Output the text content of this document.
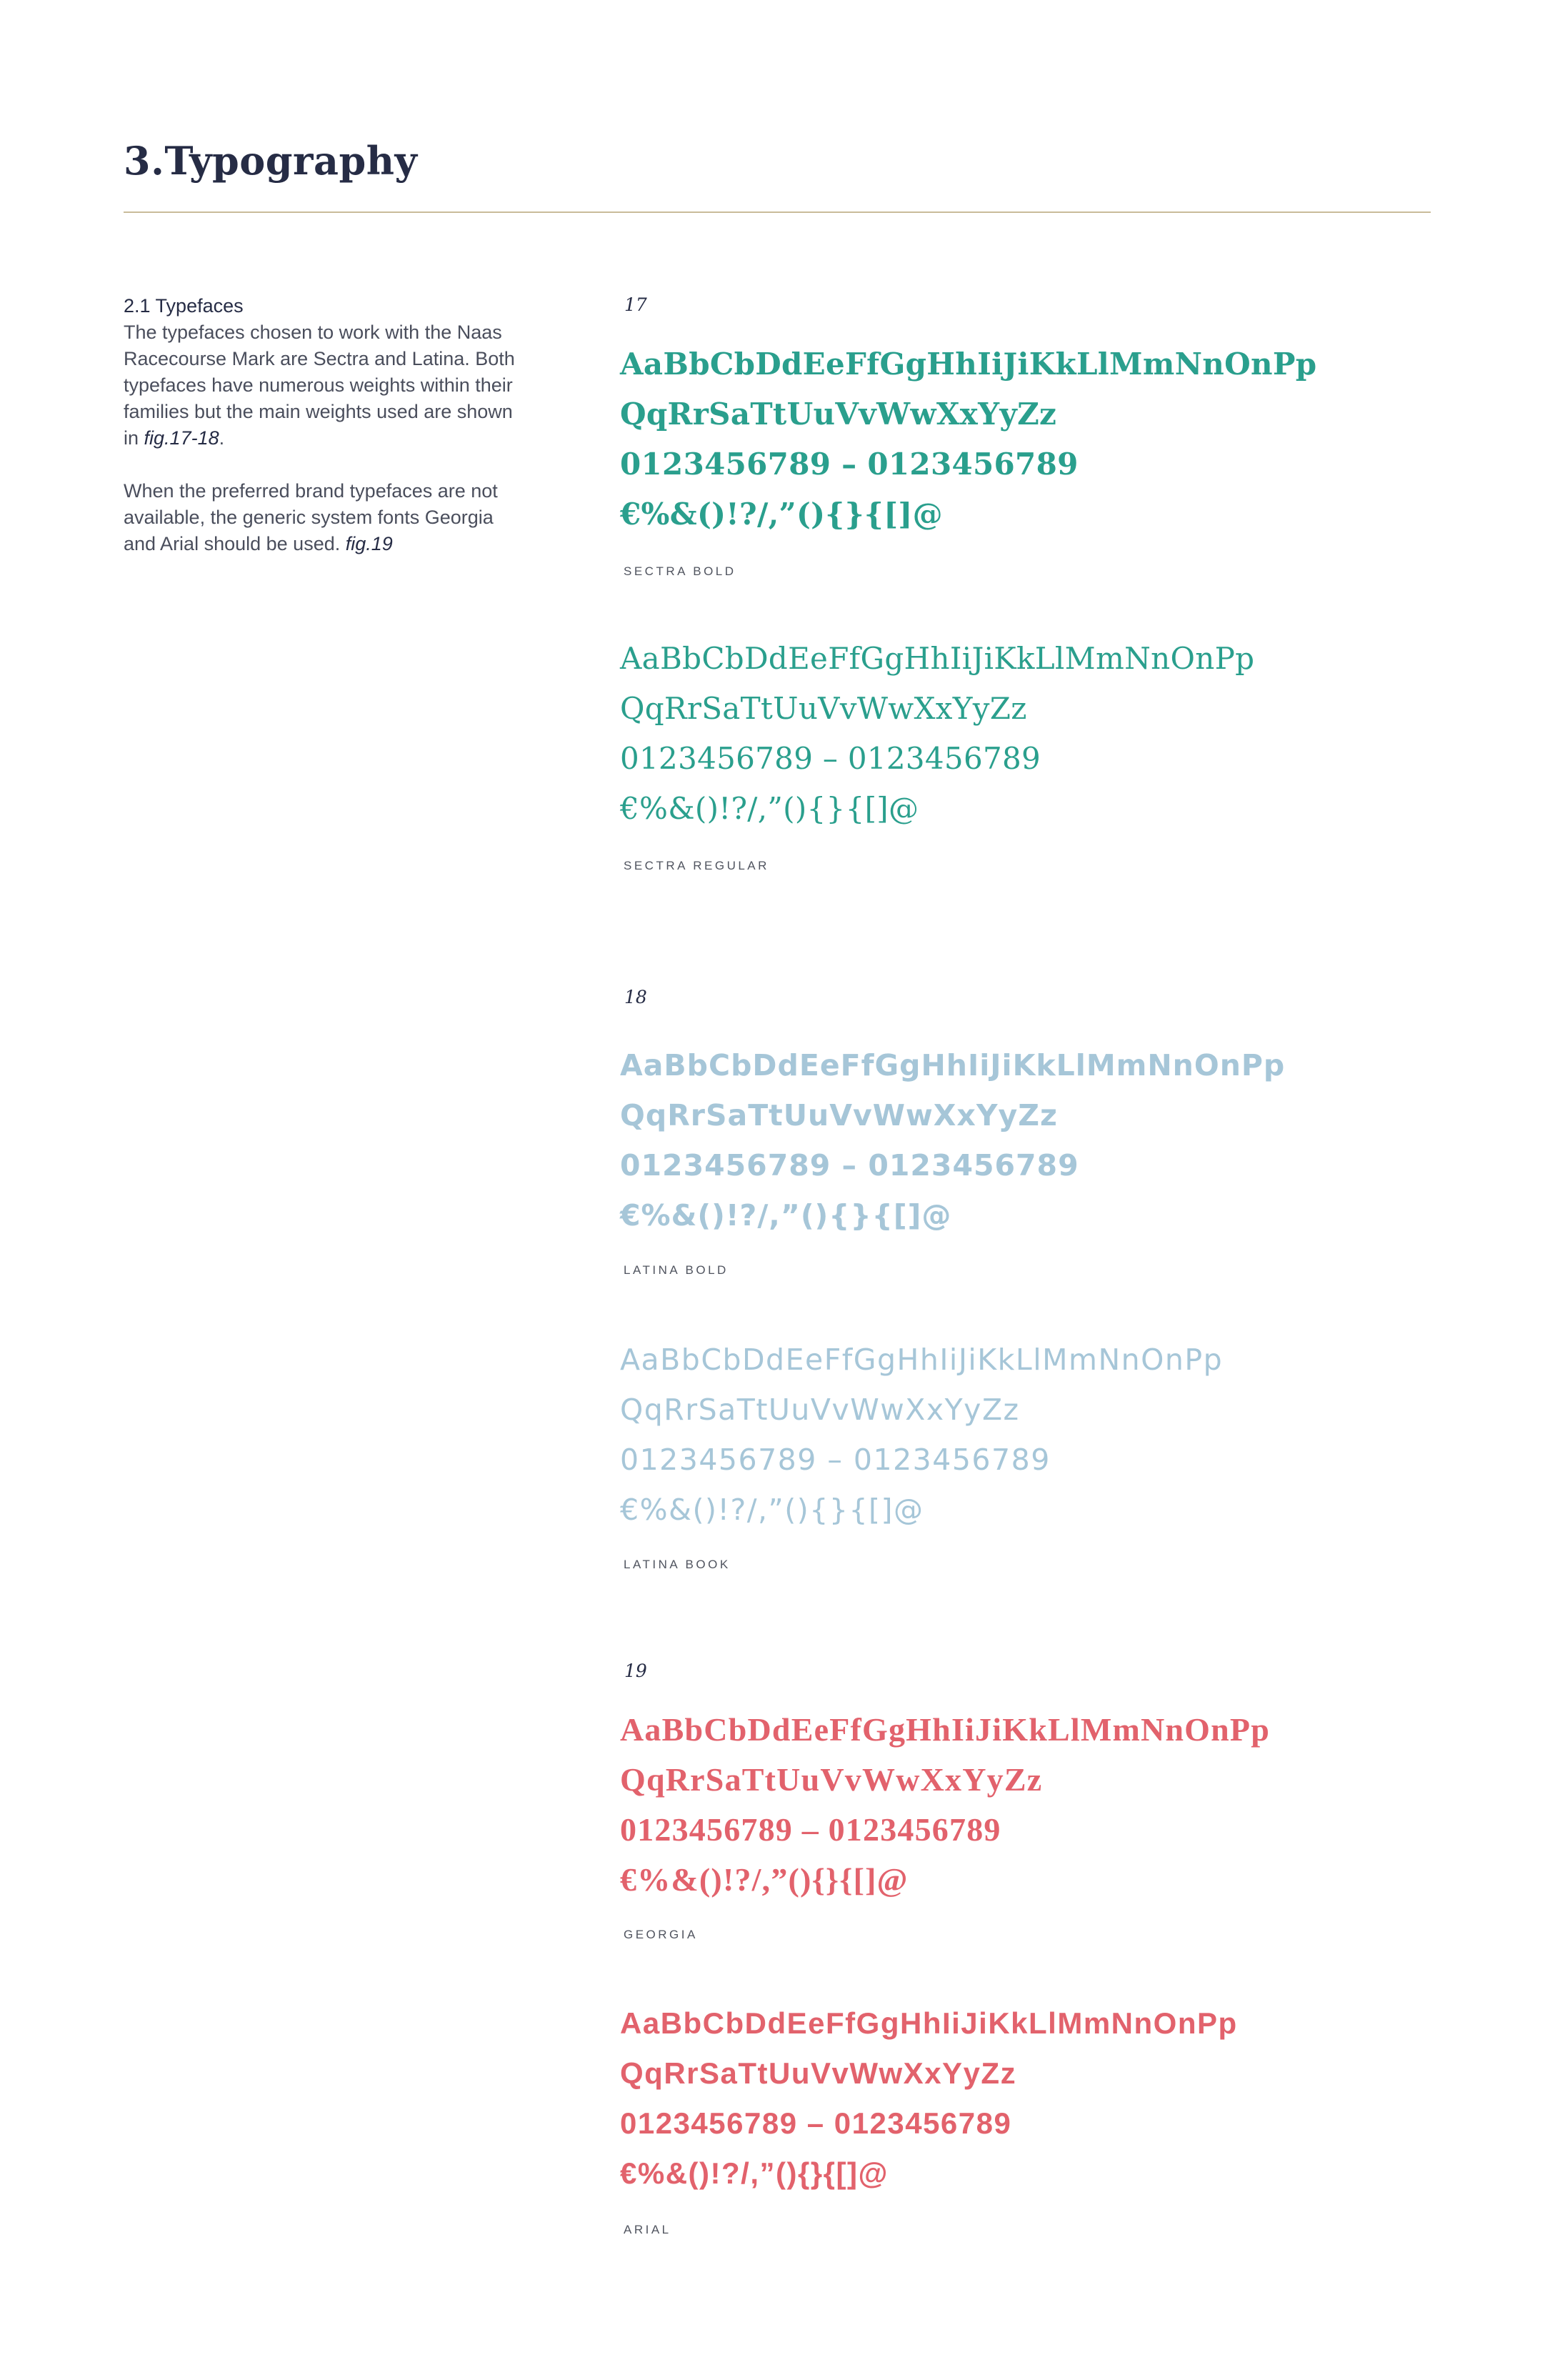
3.Typography
2.1 Typefaces

The typefaces chosen to work with the Naas Racecourse Mark are Sectra and Latina. Both typefaces have numerous weights within their families but the main weights used are shown in fig.17-18.

When the preferred brand typefaces are not available, the generic system fonts Georgia and Arial should be used. fig.19

17
AaBbCbDdEeFfGgHhIiJiKkLlMmNnOnPp
QqRrSaTtUuVvWwXxYyZz
0123456789 – 0123456789
€%&()!?/,”(){}{[]@
SECTRA BOLD
AaBbCbDdEeFfGgHhIiJiKkLlMmNnOnPp
QqRrSaTtUuVvWwXxYyZz
0123456789 – 0123456789
€%&()!?/,”(){}{[]@
SECTRA REGULAR
18
AaBbCbDdEeFfGgHhIiJiKkLlMmNnOnPp
QqRrSaTtUuVvWwXxYyZz
0123456789 – 0123456789
€%&()!?/,”(){}{[]@
LATINA BOLD
AaBbCbDdEeFfGgHhIiJiKkLlMmNnOnPp
QqRrSaTtUuVvWwXxYyZz
0123456789 – 0123456789
€%&()!?/,”(){}{[]@
LATINA BOOK
19
AaBbCbDdEeFfGgHhIiJiKkLlMmNnOnPp
QqRrSaTtUuVvWwXxYyZz
0123456789 – 0123456789
€%&()!?/,”(){}{[]@
GEORGIA
AaBbCbDdEeFfGgHhIiJiKkLlMmNnOnPp
QqRrSaTtUuVvWwXxYyZz
0123456789 – 0123456789
€%&()!?/,”(){}{[]@
ARIAL
